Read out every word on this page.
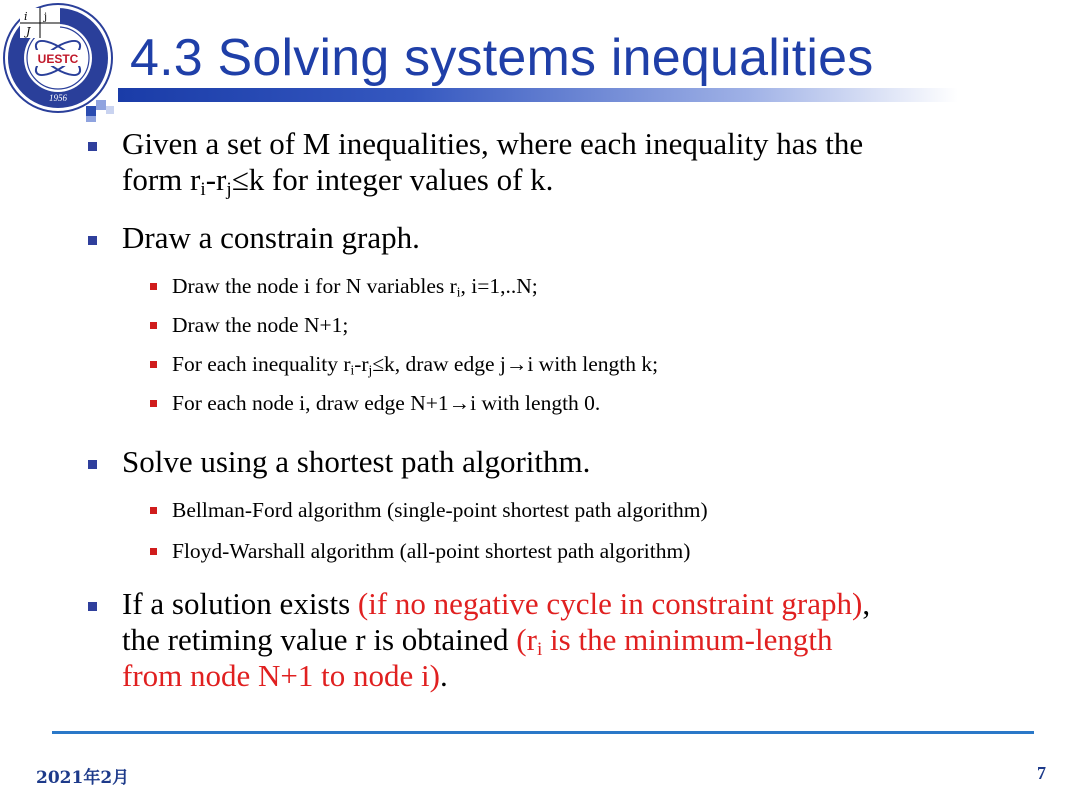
i j
J
UESTC
1956
4.3 Solving systems inequalities
Given a set of M inequalities, where each inequality has the
form $r_i-r_j\le k$ for integer values of k.
Draw a constrain graph.
Draw the node i for N variables $r_i$, i=1,..N;
Draw the node N+1;
For each inequality $r_i-r_j\le k$, draw edge j→i with length k;
For each node i, draw edge N+1→i with length 0.
Solve using a shortest path algorithm.
Bellman-Ford algorithm (single-point shortest path algorithm)
Floyd-Warshall algorithm (all-point shortest path algorithm)
If a solution exists (if no negative cycle in constraint graph),
the retiming value r is obtained ($r_i$ is the minimum-length
from node N+1 to node i).
2021年2月	7
